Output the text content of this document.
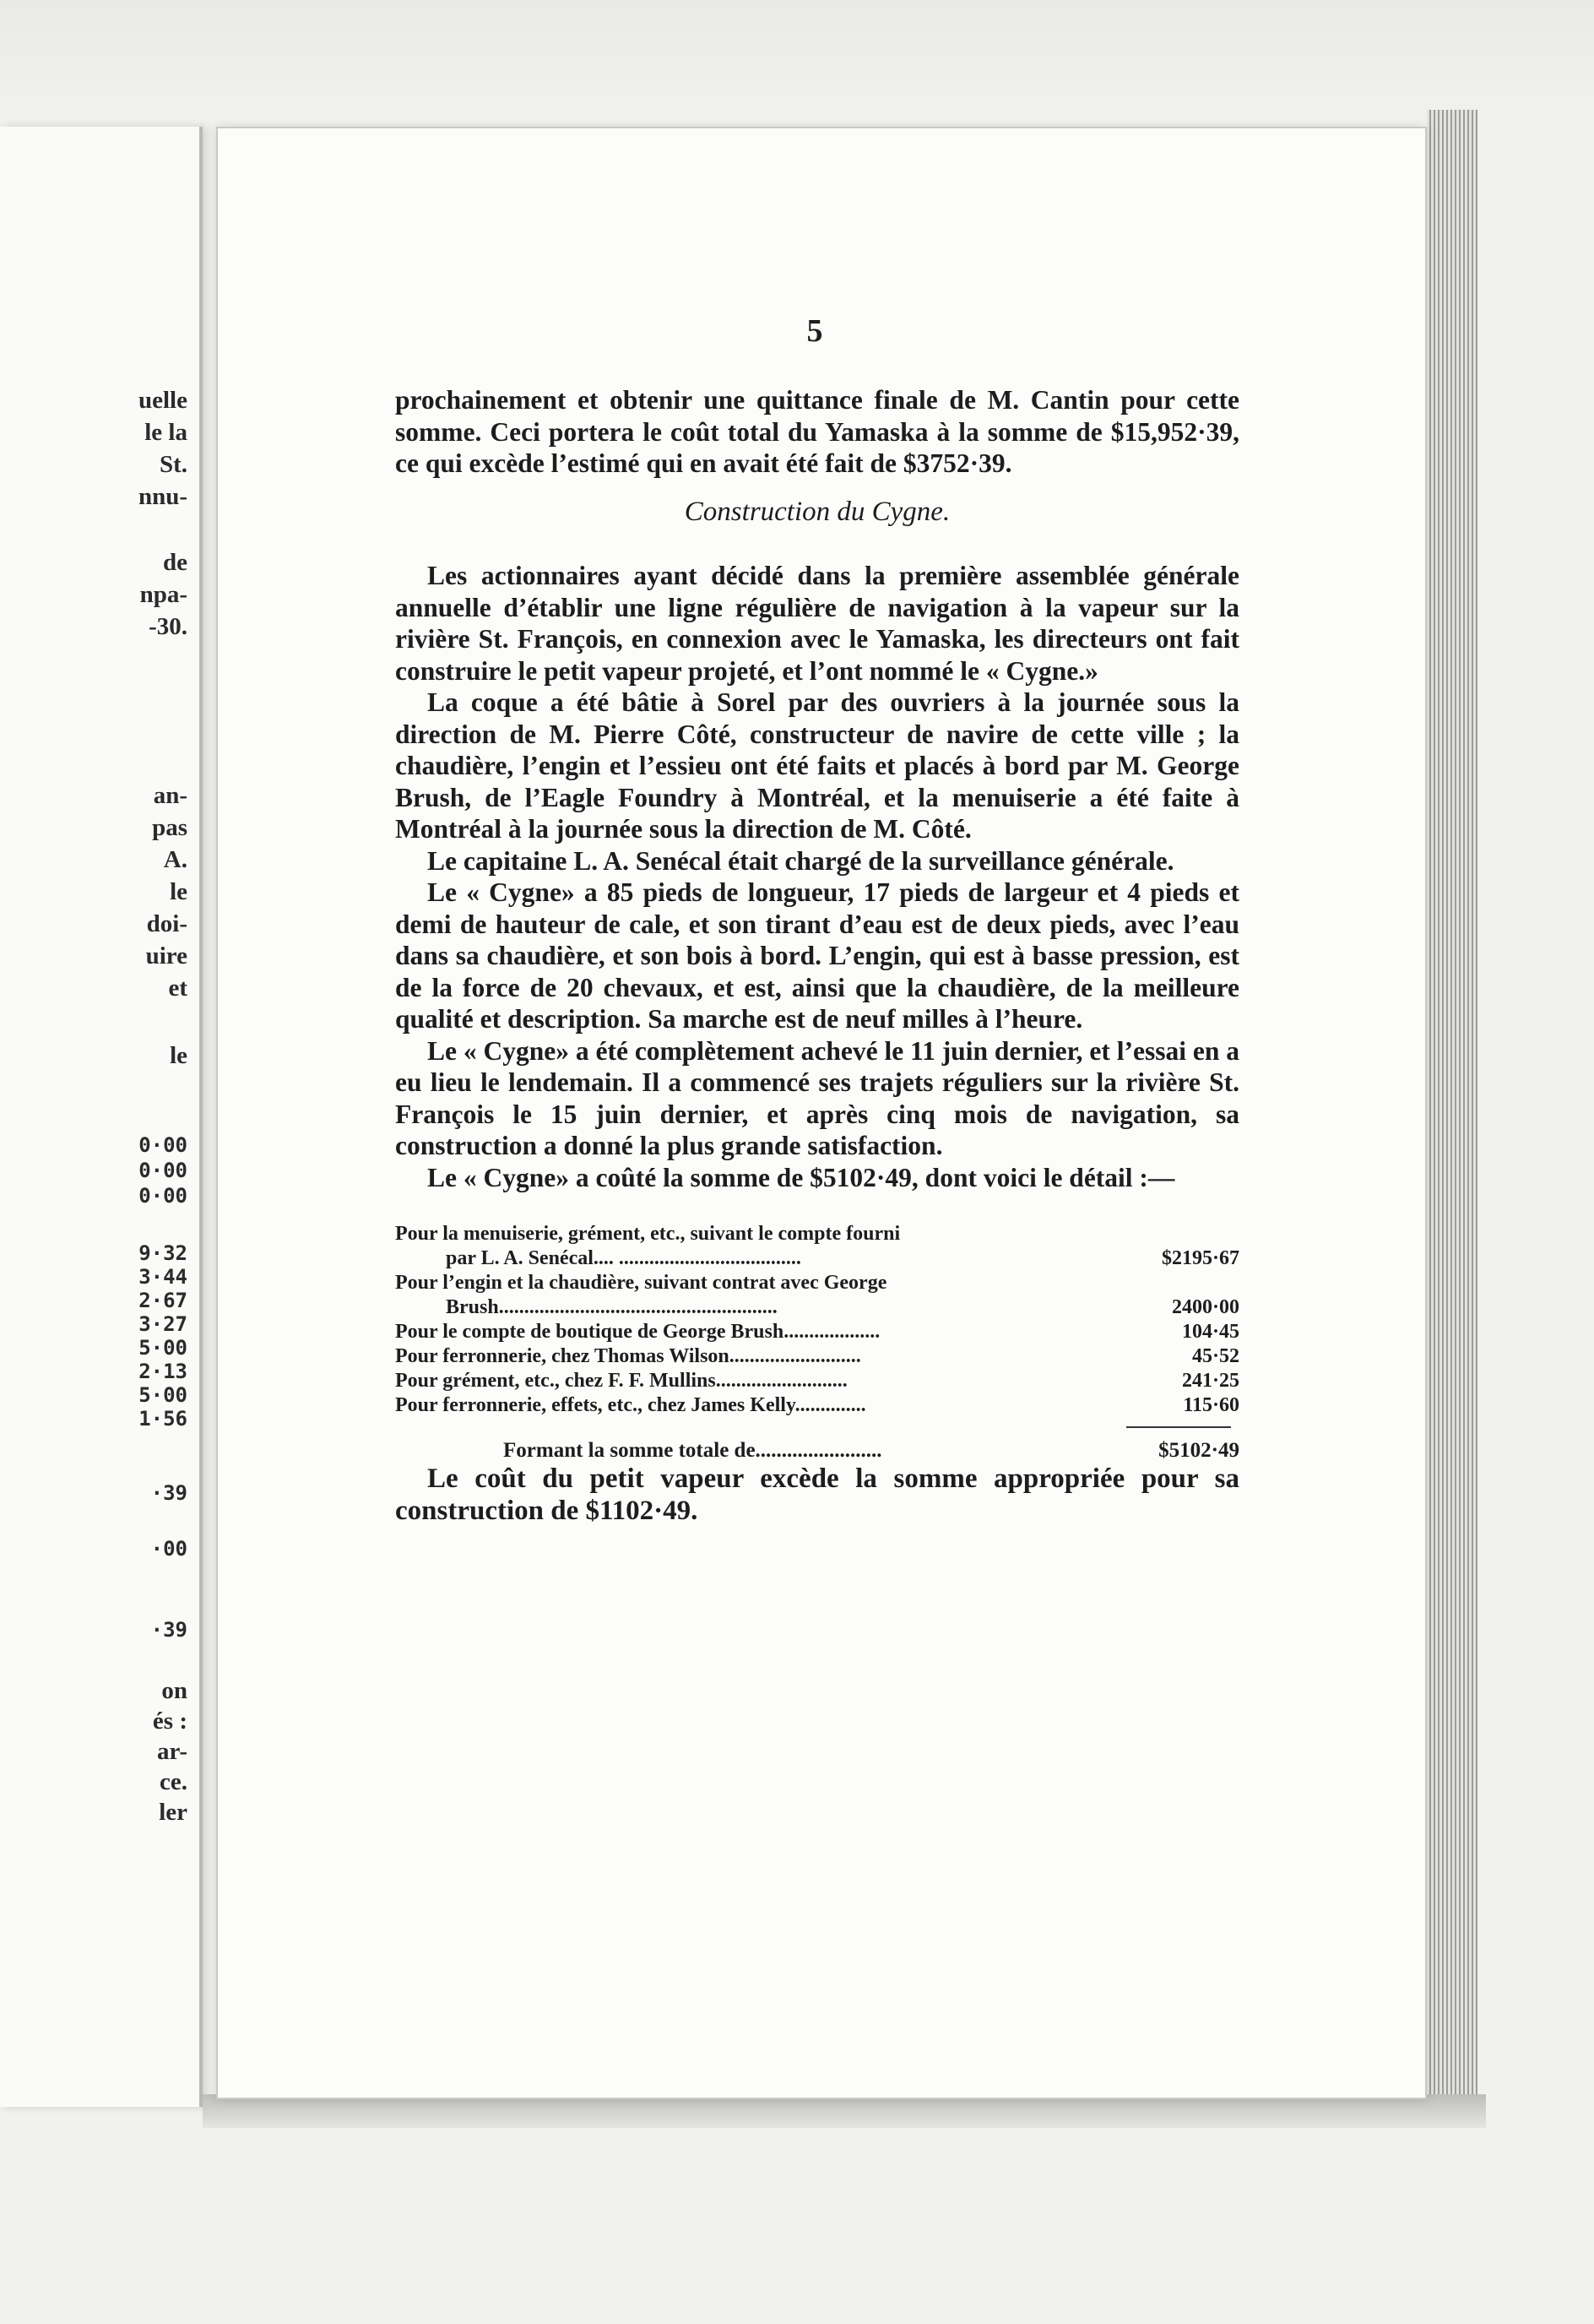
uelle
le la
St.
nnu-
de
npa-
-30.
an-
pas
A.
le
doi-
uire
et
le
0·00
0·00
0·00
9·32
3·44
2·67
3·27
5·00
2·13
5·00
1·56
·39
·00
·39
on
és :
ar-
ce.
ler
5

prochainement et obtenir une quittance finale de M. Cantin pour cette somme. Ceci portera le coût total du Yamaska à la somme de $15,952·39, ce qui excède l’estimé qui en avait été fait de $3752·39.

Construction du Cygne.

Les actionnaires ayant décidé dans la première assemblée générale annuelle d’établir une ligne régulière de navigation à la vapeur sur la rivière St. François, en connexion avec le Yamaska, les directeurs ont fait construire le petit vapeur projeté, et l’ont nommé le « Cygne.»

La coque a été bâtie à Sorel par des ouvriers à la journée sous la direction de M. Pierre Côté, constructeur de navire de cette ville ; la chaudière, l’engin et l’essieu ont été faits et placés à bord par M. George Brush, de l’Eagle Foundry à Montréal, et la menuiserie a été faite à Montréal à la journée sous la direction de M. Côté.

Le capitaine L. A. Senécal était chargé de la surveillance générale.

Le « Cygne» a 85 pieds de longueur, 17 pieds de largeur et 4 pieds et demi de hauteur de cale, et son tirant d’eau est de deux pieds, avec l’eau dans sa chaudière, et son bois à bord. L’engin, qui est à basse pression, est de la force de 20 chevaux, et est, ainsi que la chaudière, de la meilleure qualité et description. Sa marche est de neuf milles à l’heure.

Le « Cygne» a été complètement achevé le 11 juin dernier, et l’essai en a eu lieu le lendemain. Il a commencé ses trajets réguliers sur la rivière St. François le 15 juin dernier, et après cinq mois de navigation, sa construction a donné la plus grande satisfaction.

Le « Cygne» a coûté la somme de $5102·49, dont voici le détail :—

Pour la menuiserie, grément, etc., suivant le compte fourni
par L. A. Senécal.... ....................................	$2195·67
Pour l’engin et la chaudière, suivant contrat avec George
Brush.......................................................	2400·00
Pour le compte de boutique de George Brush...................	104·45
Pour ferronnerie, chez Thomas Wilson..........................	45·52
Pour grément, etc., chez F. F. Mullins..........................	241·25
Pour ferronnerie, effets, etc., chez James Kelly..............	115·60
Formant la somme totale de........................	$5102·49

Le coût du petit vapeur excède la somme appropriée pour sa construction de $1102·49.
